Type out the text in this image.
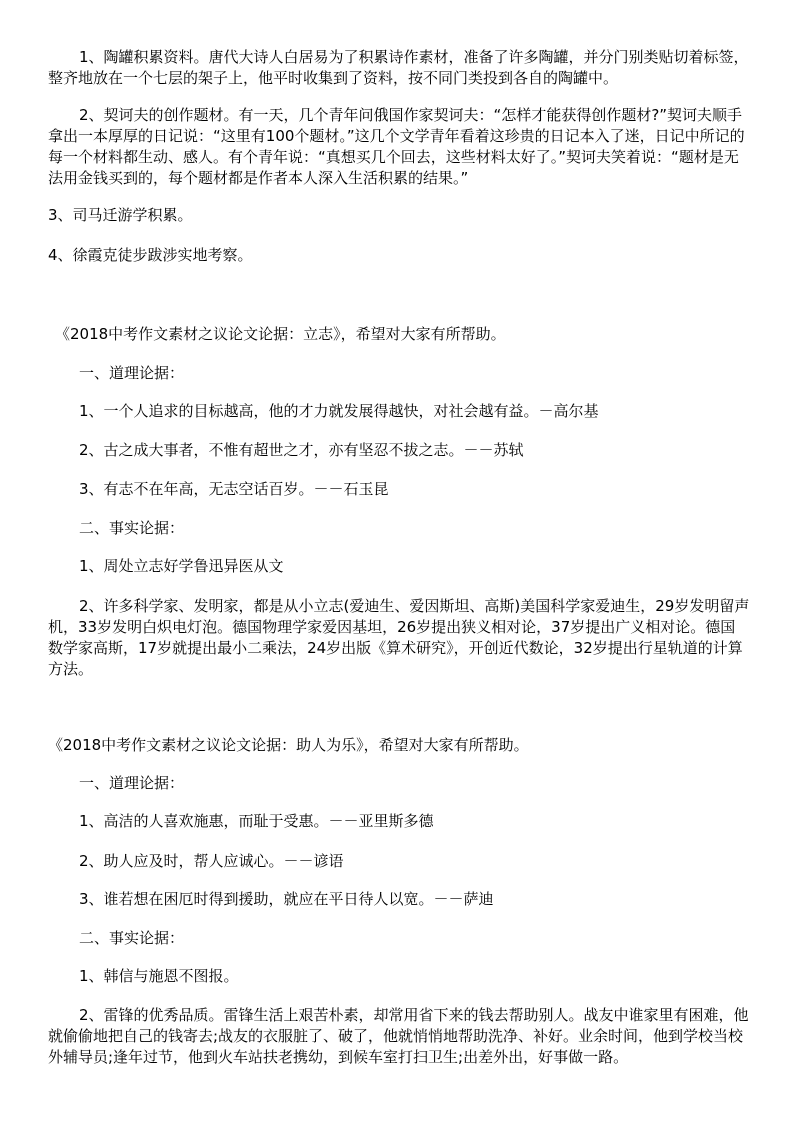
1、陶罐积累资料。唐代大诗人白居易为了积累诗作素材，准备了许多陶罐，并分门别类贴切着标签，整齐地放在一个七层的架子上，他平时收集到了资料，按不同门类投到各自的陶罐中。

2、契诃夫的创作题材。有一天，几个青年问俄国作家契诃夫：“怎样才能获得创作题材?”契诃夫顺手拿出一本厚厚的日记说：“这里有100个题材。”这几个文学青年看着这珍贵的日记本入了迷，日记中所记的每一个材料都生动、感人。有个青年说：“真想买几个回去，这些材料太好了。”契诃夫笑着说：“题材是无法用金钱买到的，每个题材都是作者本人深入生活积累的结果。”

3、司马迁游学积累。

4、徐霞克徒步跋涉实地考察。

《2018中考作文素材之议论文论据：立志》，希望对大家有所帮助。

一、道理论据：

1、一个人追求的目标越高，他的才力就发展得越快，对社会越有益。－高尔基

2、古之成大事者，不惟有超世之才，亦有坚忍不拔之志。－－苏轼

3、有志不在年高，无志空话百岁。－－石玉昆

二、事实论据：

1、周处立志好学鲁迅异医从文

2、许多科学家、发明家，都是从小立志(爱迪生、爱因斯坦、高斯)美国科学家爱迪生，29岁发明留声机，33岁发明白炽电灯泡。德国物理学家爱因基坦，26岁提出狭义相对论，37岁提出广义相对论。德国数学家高斯，17岁就提出最小二乘法，24岁出版《算术研究》，开创近代数论，32岁提出行星轨道的计算方法。

《2018中考作文素材之议论文论据：助人为乐》，希望对大家有所帮助。

一、道理论据：

1、高洁的人喜欢施惠，而耻于受惠。－－亚里斯多德

2、助人应及时，帮人应诚心。－－谚语

3、谁若想在困厄时得到援助，就应在平日待人以宽。－－萨迪

二、事实论据：

1、韩信与施恩不图报。

2、雷锋的优秀品质。雷锋生活上艰苦朴素，却常用省下来的钱去帮助别人。战友中谁家里有困难，他就偷偷地把自己的钱寄去;战友的衣服脏了、破了，他就悄悄地帮助洗净、补好。业余时间，他到学校当校外辅导员;逢年过节，他到火车站扶老携幼，到候车室打扫卫生;出差外出，好事做一路。
